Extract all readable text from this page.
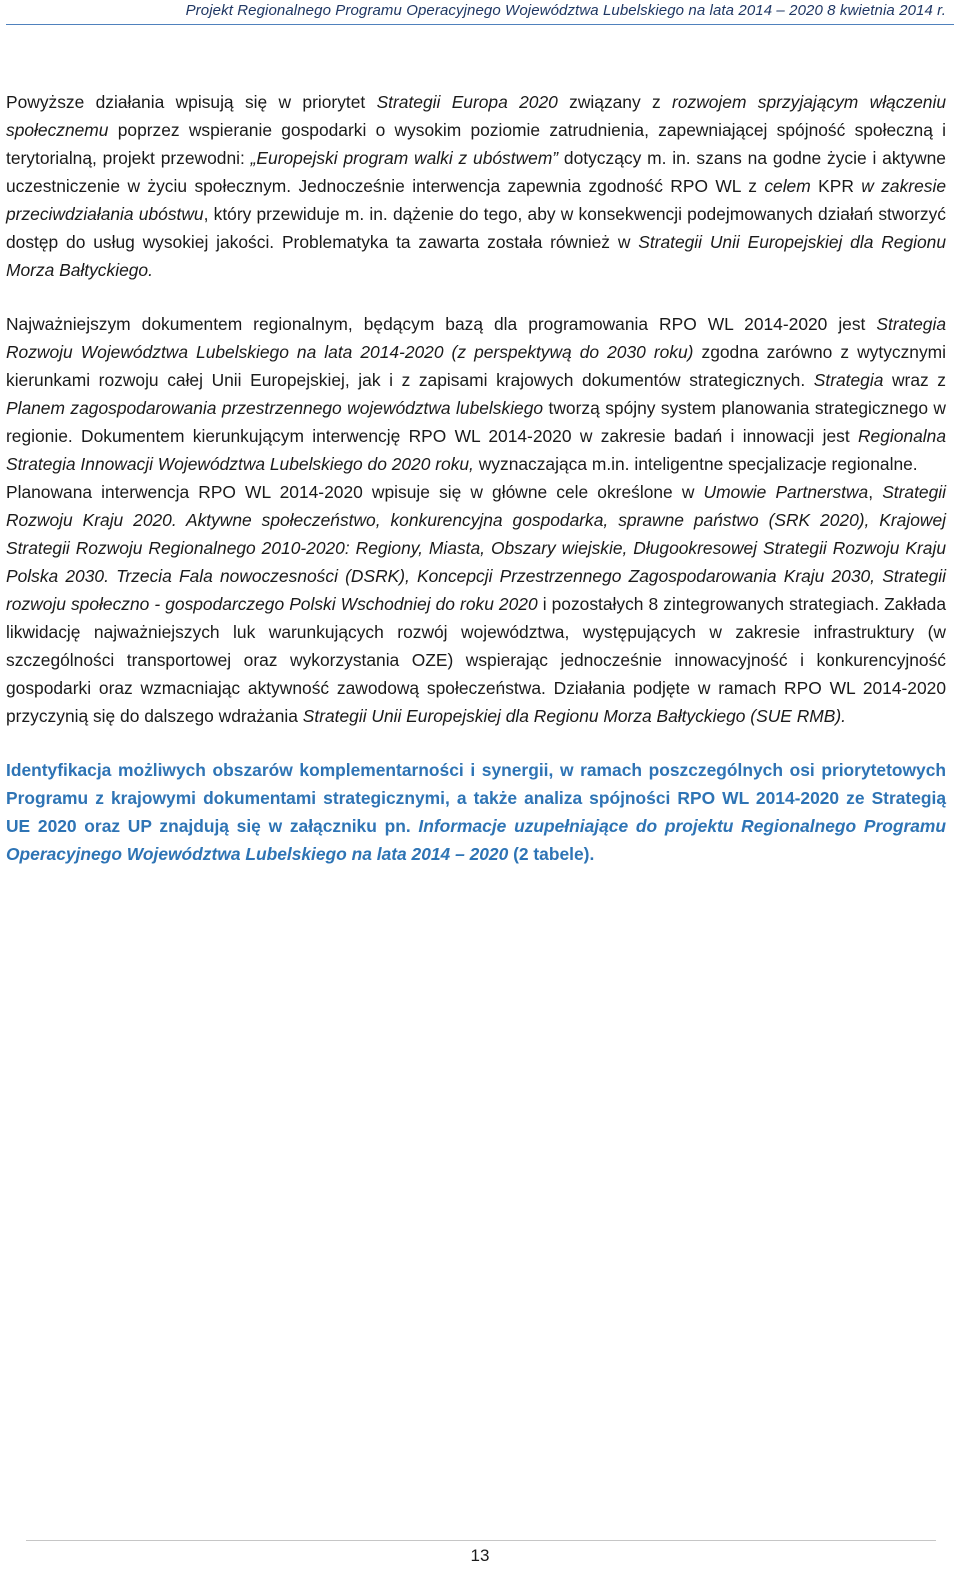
Projekt Regionalnego Programu Operacyjnego Województwa Lubelskiego na lata 2014 – 2020 8 kwietnia 2014 r.

Powyższe działania wpisują się w priorytet Strategii Europa 2020 związany z rozwojem sprzyjającym włączeniu społecznemu poprzez wspieranie gospodarki o wysokim poziomie zatrudnienia, zapewniającej spójność społeczną i terytorialną, projekt przewodni: „Europejski program walki z ubóstwem” dotyczący m. in. szans na godne życie i aktywne uczestniczenie w życiu społecznym. Jednocześnie interwencja zapewnia zgodność RPO WL z celem KPR w zakresie przeciwdziałania ubóstwu, który przewiduje m. in. dążenie do tego, aby w konsekwencji podejmowanych działań stworzyć dostęp do usług wysokiej jakości. Problematyka ta zawarta została również w Strategii Unii Europejskiej dla Regionu Morza Bałtyckiego.

Najważniejszym dokumentem regionalnym, będącym bazą dla programowania RPO WL 2014-2020 jest Strategia Rozwoju Województwa Lubelskiego na lata 2014-2020 (z perspektywą do 2030 roku) zgodna zarówno z wytycznymi kierunkami rozwoju całej Unii Europejskiej, jak i z zapisami krajowych dokumentów strategicznych. Strategia wraz z Planem zagospodarowania przestrzennego województwa lubelskiego tworzą spójny system planowania strategicznego w regionie. Dokumentem kierunkującym interwencję RPO WL 2014-2020 w zakresie badań i innowacji jest Regionalna Strategia Innowacji Województwa Lubelskiego do 2020 roku, wyznaczająca m.in. inteligentne specjalizacje regionalne.

Planowana interwencja RPO WL 2014-2020 wpisuje się w główne cele określone w Umowie Partnerstwa, Strategii Rozwoju Kraju 2020. Aktywne społeczeństwo, konkurencyjna gospodarka, sprawne państwo (SRK 2020), Krajowej Strategii Rozwoju Regionalnego 2010-2020: Regiony, Miasta, Obszary wiejskie, Długookresowej Strategii Rozwoju Kraju Polska 2030. Trzecia Fala nowoczesności (DSRK), Koncepcji Przestrzennego Zagospodarowania Kraju 2030, Strategii rozwoju społeczno - gospodarczego Polski Wschodniej do roku 2020 i pozostałych 8 zintegrowanych strategiach. Zakłada likwidację najważniejszych luk warunkujących rozwój województwa, występujących w zakresie infrastruktury (w szczególności transportowej oraz wykorzystania OZE) wspierając jednocześnie innowacyjność i konkurencyjność gospodarki oraz wzmacniając aktywność zawodową społeczeństwa. Działania podjęte w ramach RPO WL 2014-2020 przyczynią się do dalszego wdrażania Strategii Unii Europejskiej dla Regionu Morza Bałtyckiego (SUE RMB).

Identyfikacja możliwych obszarów komplementarności i synergii, w ramach poszczególnych osi priorytetowych Programu z krajowymi dokumentami strategicznymi, a także analiza spójności RPO WL 2014-2020 ze Strategią UE 2020 oraz UP znajdują się w załączniku pn. Informacje uzupełniające do projektu Regionalnego Programu Operacyjnego Województwa Lubelskiego na lata 2014 – 2020 (2 tabele).

13
